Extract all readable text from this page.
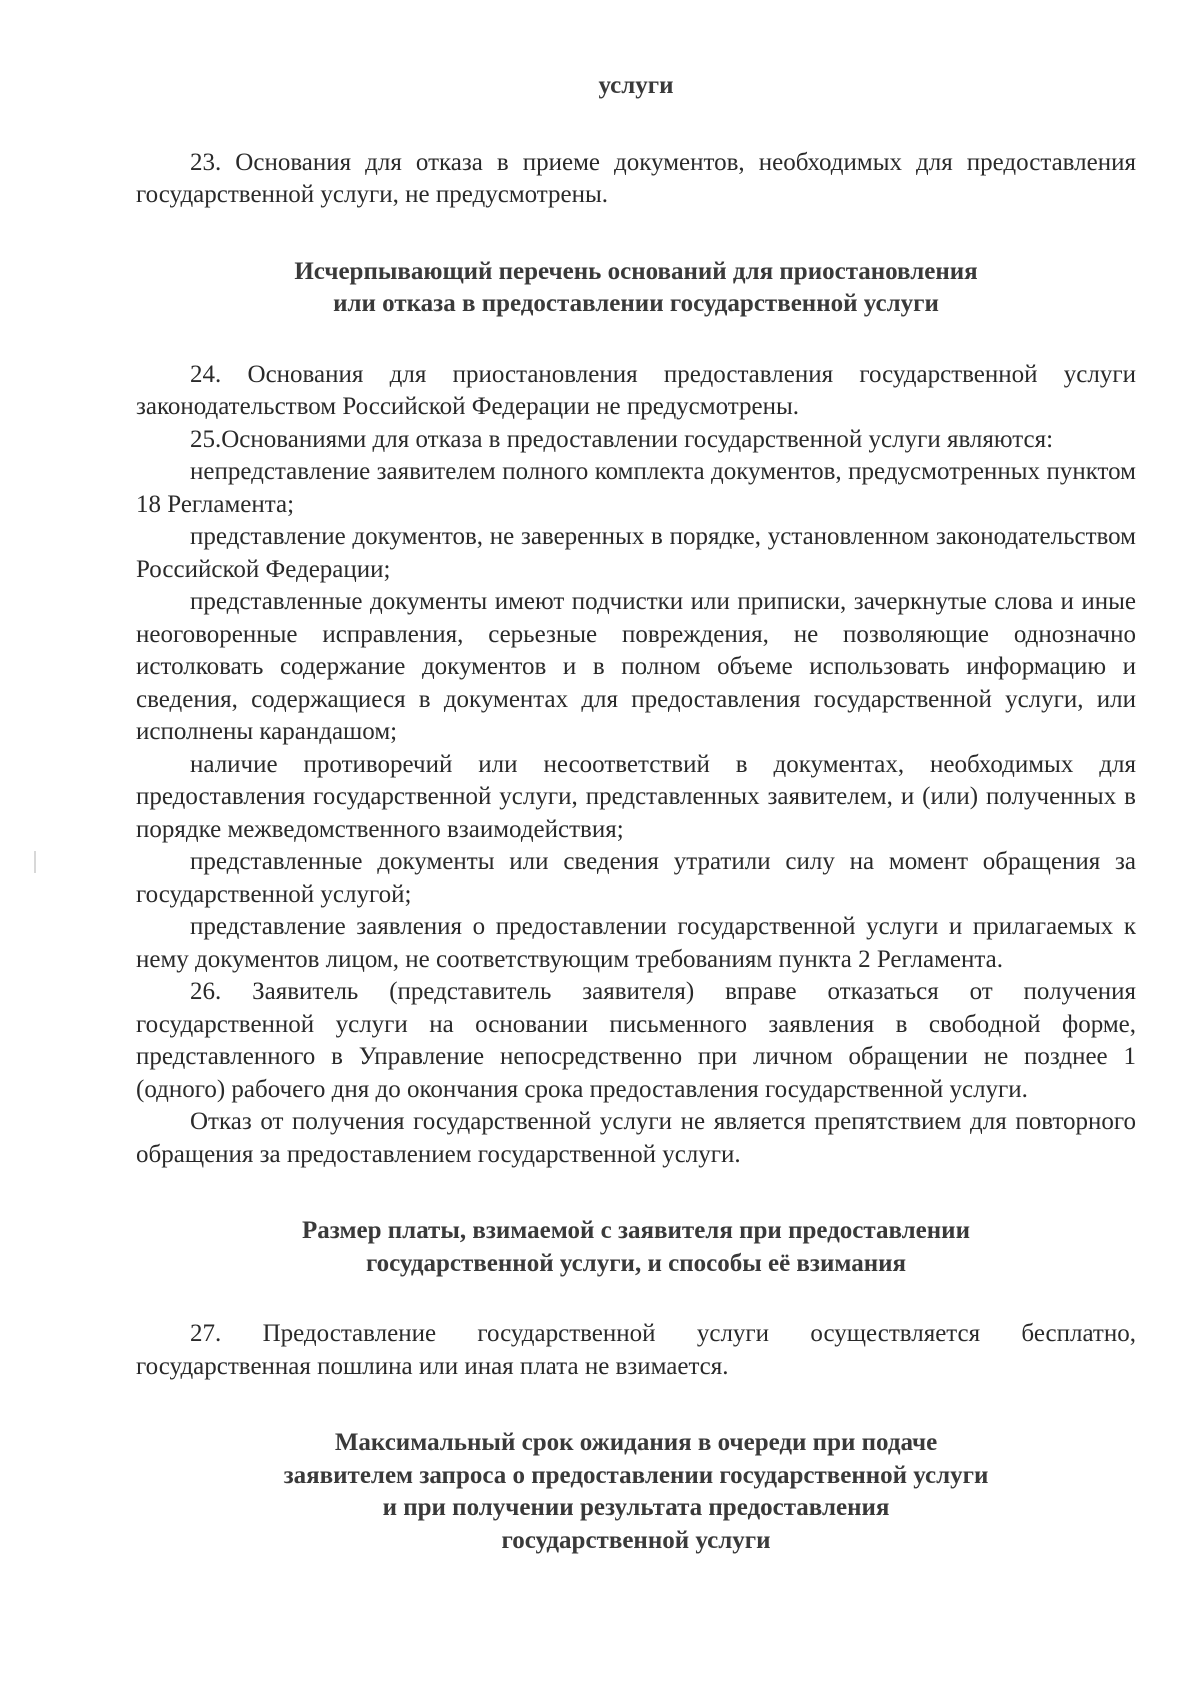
услуги

23. Основания для отказа в приеме документов, необходимых для предоставления государственной услуги, не предусмотрены.

Исчерпывающий перечень оснований для приостановления
или отказа в предоставлении государственной услуги

24. Основания для приостановления предоставления государственной услуги законодательством Российской Федерации не предусмотрены.

25.Основаниями для отказа в предоставлении государственной услуги являются:

непредставление заявителем полного комплекта документов, предусмотренных пунктом 18 Регламента;

представление документов, не заверенных в порядке, установленном законодательством Российской Федерации;

представленные документы имеют подчистки или приписки, зачеркнутые слова и иные неоговоренные исправления, серьезные повреждения, не позволяющие однозначно истолковать содержание документов и в полном объеме использовать информацию и сведения, содержащиеся в документах для предоставления государственной услуги, или исполнены карандашом;

наличие противоречий или несоответствий в документах, необходимых для предоставления государственной услуги, представленных заявителем, и (или) полученных в порядке межведомственного взаимодействия;

представленные документы или сведения утратили силу на момент обращения за государственной услугой;

представление заявления о предоставлении государственной услуги и прилагаемых к нему документов лицом, не соответствующим требованиям пункта 2 Регламента.

26. Заявитель (представитель заявителя) вправе отказаться от получения государственной услуги на основании письменного заявления в свободной форме, представленного в Управление непосредственно при личном обращении не позднее 1 (одного) рабочего дня до окончания срока предоставления государственной услуги.

Отказ от получения государственной услуги не является препятствием для повторного обращения за предоставлением государственной услуги.

Размер платы, взимаемой с заявителя при предоставлении
государственной услуги, и способы её взимания

27. Предоставление государственной услуги осуществляется бесплатно, государственная пошлина или иная плата не взимается.

Максимальный срок ожидания в очереди при подаче
заявителем запроса о предоставлении государственной услуги
и при получении результата предоставления
государственной услуги
